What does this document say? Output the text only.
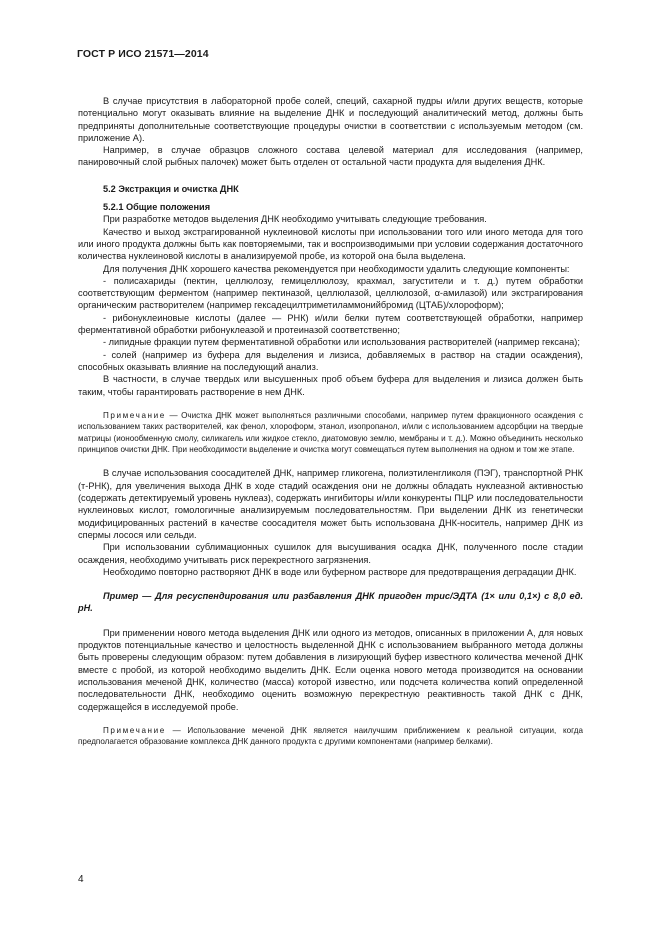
ГОСТ Р ИСО 21571—2014

В случае присутствия в лабораторной пробе солей, специй, сахарной пудры и/или других веществ, которые потенциально могут оказывать влияние на выделение ДНК и последующий аналитический метод, должны быть предприняты дополнительные соответствующие процедуры очистки в соответствии с используемым методом (см. приложение А).

Например, в случае образцов сложного состава целевой материал для исследования (например, панировочный слой рыбных палочек) может быть отделен от остальной части продукта для выделения ДНК.

5.2 Экстракция и очистка ДНК

5.2.1 Общие положения

При разработке методов выделения ДНК необходимо учитывать следующие требования.

Качество и выход экстрагированной нуклеиновой кислоты при использовании того или иного метода для того или иного продукта должны быть как повторяемыми, так и воспроизводимыми при условии содержания достаточного количества нуклеиновой кислоты в анализируемой пробе, из которой она была выделена.

Для получения ДНК хорошего качества рекомендуется при необходимости удалить следующие компоненты:

- полисахариды (пектин, целлюлозу, гемицеллюлозу, крахмал, загустители и т. д.) путем обработки соответствующим ферментом (например пектиназой, целлюлазой, целлюлозой, α-амилазой) или экстрагирования органическим растворителем (например гексадецилтриметиламмонийбромид (ЦТАБ)/хлороформ);

- рибонуклеиновые кислоты (далее — РНК) и/или белки путем соответствующей обработки, например ферментативной обработки рибонуклеазой и протеиназой соответственно;

- липидные фракции путем ферментативной обработки или использования растворителей (например гексана);

- солей (например из буфера для выделения и лизиса, добавляемых в раствор на стадии осаждения), способных оказывать влияние на последующий анализ.

В частности, в случае твердых или высушенных проб объем буфера для выделения и лизиса должен быть таким, чтобы гарантировать растворение в нем ДНК.

Примечание — Очистка ДНК может выполняться различными способами, например путем фракционного осаждения с использованием таких растворителей, как фенол, хлороформ, этанол, изопропанол, и/или с использованием адсорбции на твердые матрицы (ионообменную смолу, силикагель или жидкое стекло, диатомовую землю, мембраны и т. д.). Можно объединить несколько принципов очистки ДНК. При необходимости выделение и очистка могут совмещаться путем выполнения на одном и том же этапе.

В случае использования соосадителей ДНК, например гликогена, полиэтиленгликоля (ПЭГ), транспортной РНК (т-РНК), для увеличения выхода ДНК в ходе стадий осаждения они не должны обладать нуклеазной активностью (содержать детектируемый уровень нуклеаз), содержать ингибиторы и/или конкуренты ПЦР или последовательности нуклеиновых кислот, гомологичные анализируемым последовательностям. При выделении ДНК из генетически модифицированных растений в качестве соосадителя может быть использована ДНК-носитель, например ДНК из спермы лосося или сельди.

При использовании сублимационных сушилок для высушивания осадка ДНК, полученного после стадии осаждения, необходимо учитывать риск перекрестного загрязнения.

Необходимо повторно растворяют ДНК в воде или буферном растворе для предотвращения деградации ДНК.

Пример — Для ресуспендирования или разбавления ДНК пригоден трис/ЭДТА (1× или 0,1×) с 8,0 ед. рН.

При применении нового метода выделения ДНК или одного из методов, описанных в приложении А, для новых продуктов потенциальные качество и целостность выделенной ДНК с использованием выбранного метода должны быть проверены следующим образом: путем добавления в лизирующий буфер известного количества меченой ДНК вместе с пробой, из которой необходимо выделить ДНК. Если оценка нового метода производится на основании использования меченой ДНК, количество (масса) которой известно, или подсчета количества копий определенной последовательности ДНК, необходимо оценить возможную перекрестную реактивность такой ДНК с ДНК, содержащейся в исследуемой пробе.

Примечание — Использование меченой ДНК является наилучшим приближением к реальной ситуации, когда предполагается образование комплекса ДНК данного продукта с другими компонентами (например белками).

4
